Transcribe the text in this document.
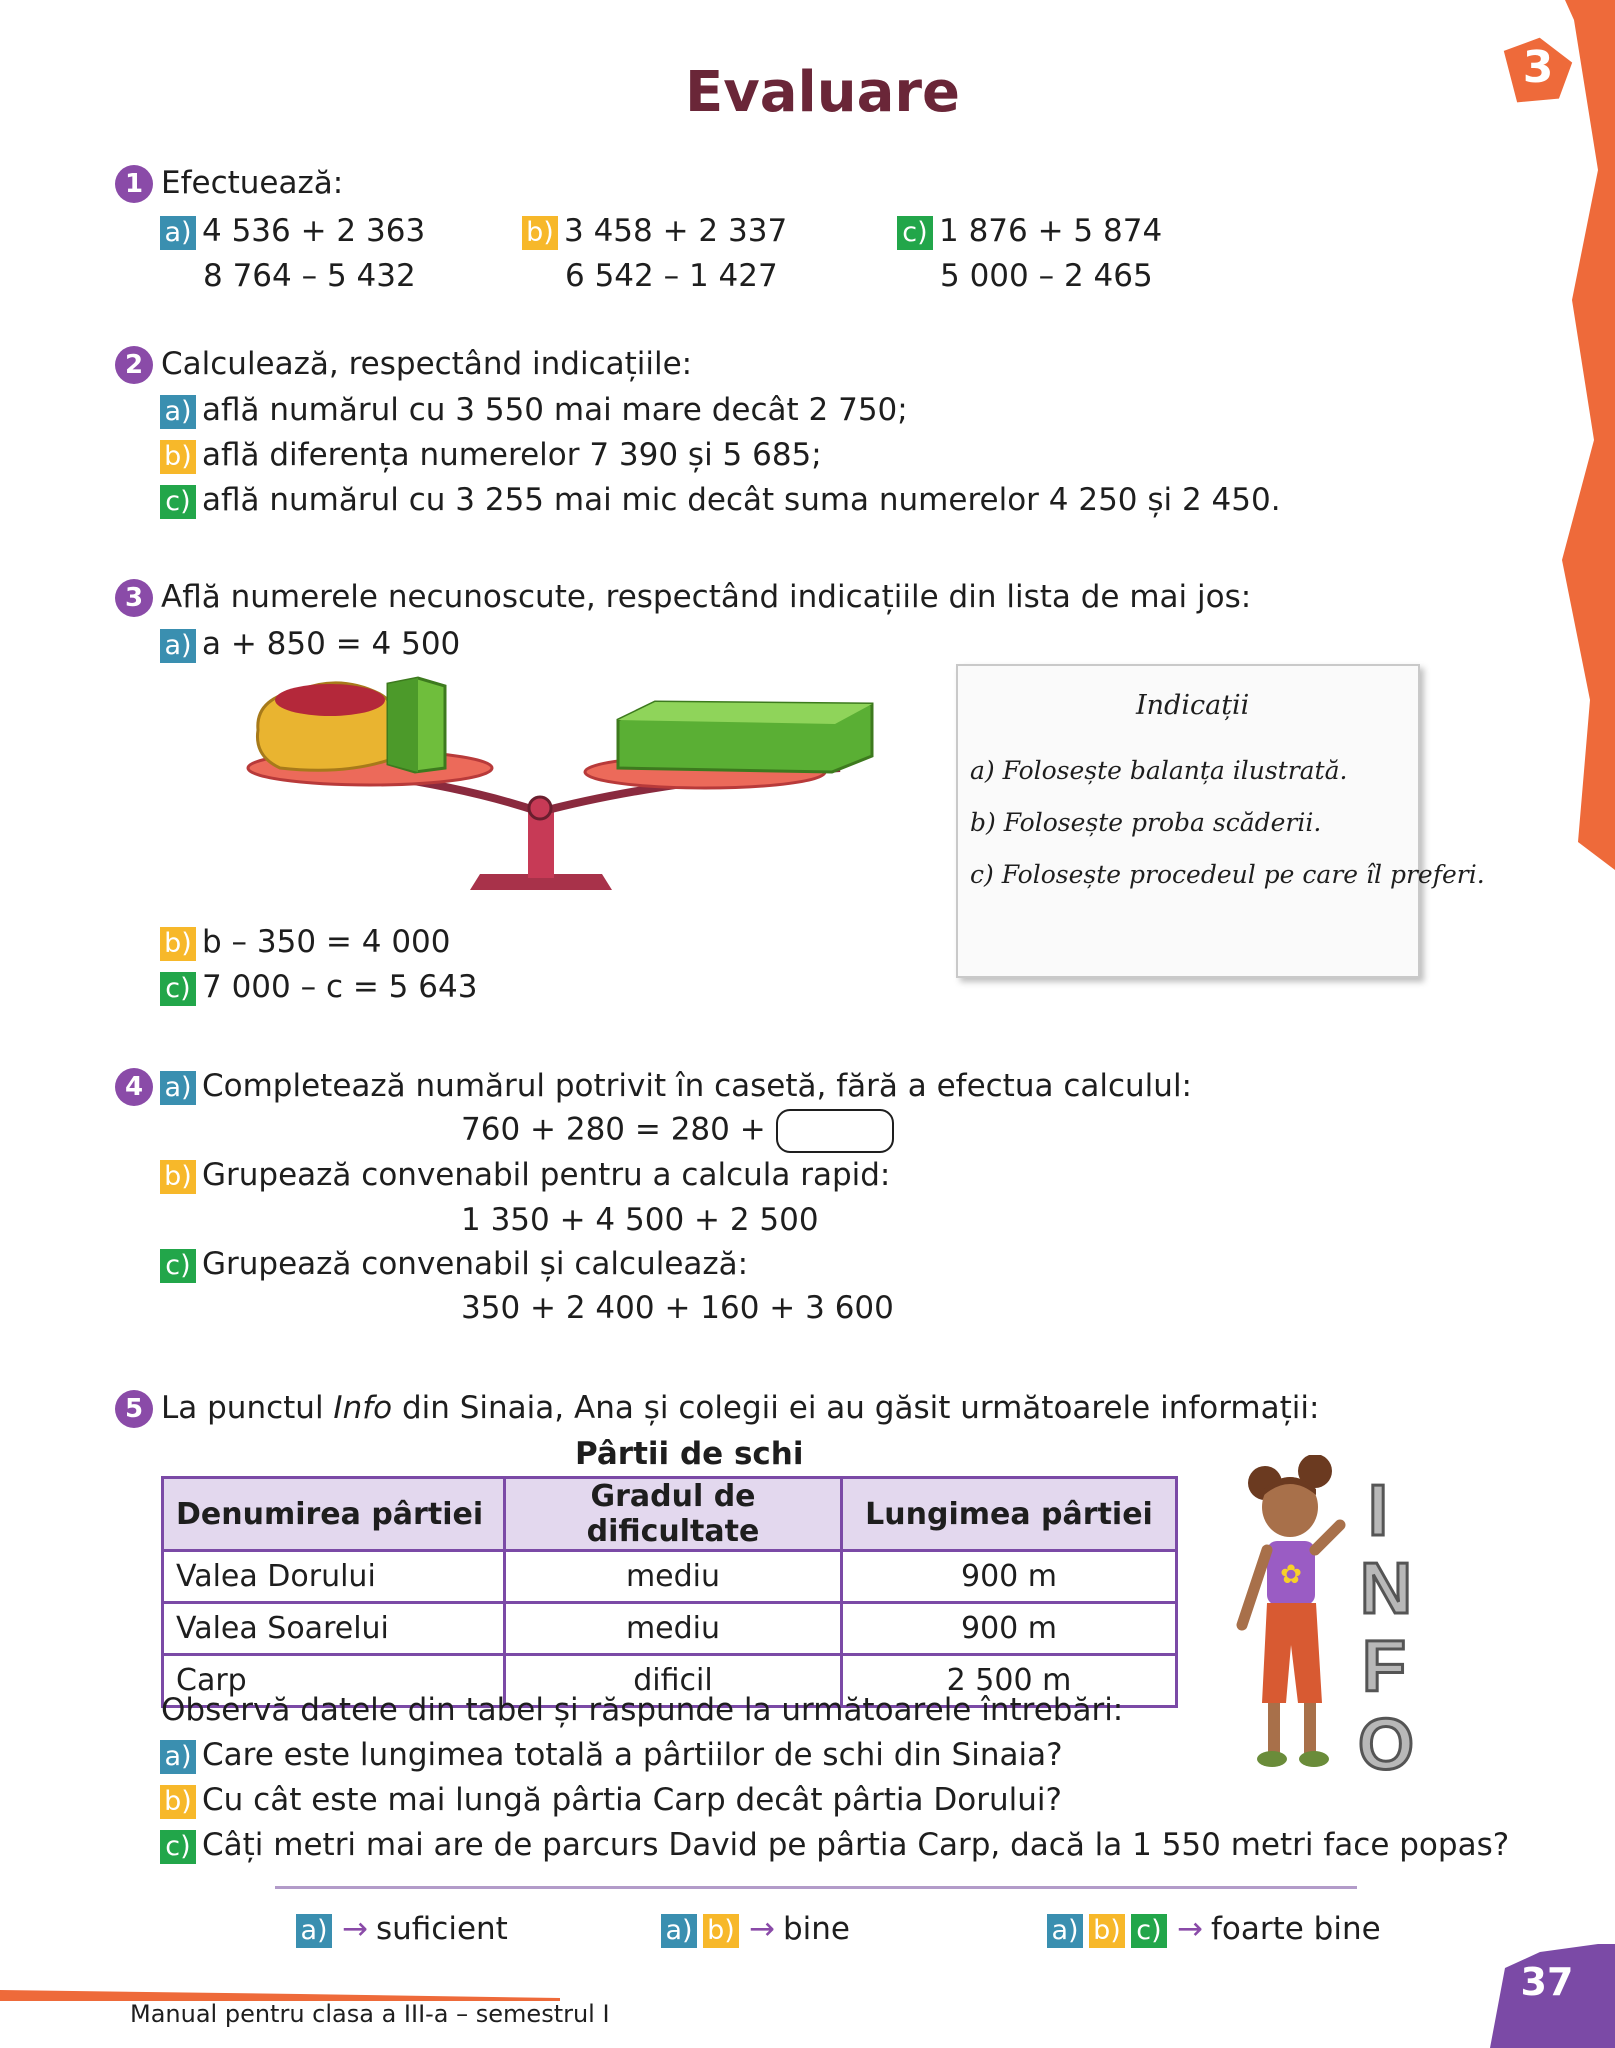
3
Evaluare
1 Efectuează:
a) 4 536 + 2 363
8 764 – 5 432
b) 3 458 + 2 337
6 542 – 1 427
c) 1 876 + 5 874
5 000 – 2 465
2 Calculează, respectând indicațiile:
a) află numărul cu 3 550 mai mare decât 2 750;
b) află diferența numerelor 7 390 și 5 685;
c) află numărul cu 3 255 mai mic decât suma numerelor 4 250 și 2 450.
3 Află numerele necunoscute, respectând indicațiile din lista de mai jos:
a) a + 850 = 4 500
Indicații
a) Folosește balanța ilustrată.
b) Folosește proba scăderii.
c) Folosește procedeul pe care îl preferi.
b) b – 350 = 4 000
c) 7 000 – c = 5 643
4 a) Completează numărul potrivit în casetă, fără a efectua calculul:
760 + 280 = 280 +
b) Grupează convenabil pentru a calcula rapid:
1 350 + 4 500 + 2 500
c) Grupează convenabil și calculează:
350 + 2 400 + 160 + 3 600
5 La punctul Info din Sinaia, Ana și colegii ei au găsit următoarele informații:
Pârtii de schi
Denumirea pârtiei	Gradul de dificultate	Lungimea pârtiei
Valea Dorului	mediu	900 m
Valea Soarelui	mediu	900 m
Carp	dificil	2 500 m
✿
I
N
F
O
Observă datele din tabel și răspunde la următoarele întrebări:
a) Care este lungimea totală a pârtiilor de schi din Sinaia?
b) Cu cât este mai lungă pârtia Carp decât pârtia Dorului?
c) Câți metri mai are de parcurs David pe pârtia Carp, dacă la 1 550 metri face popas?
a) → suficient	a) b) → bine	a) b) c) → foarte bine
Manual pentru clasa a III-a – semestrul I
37
